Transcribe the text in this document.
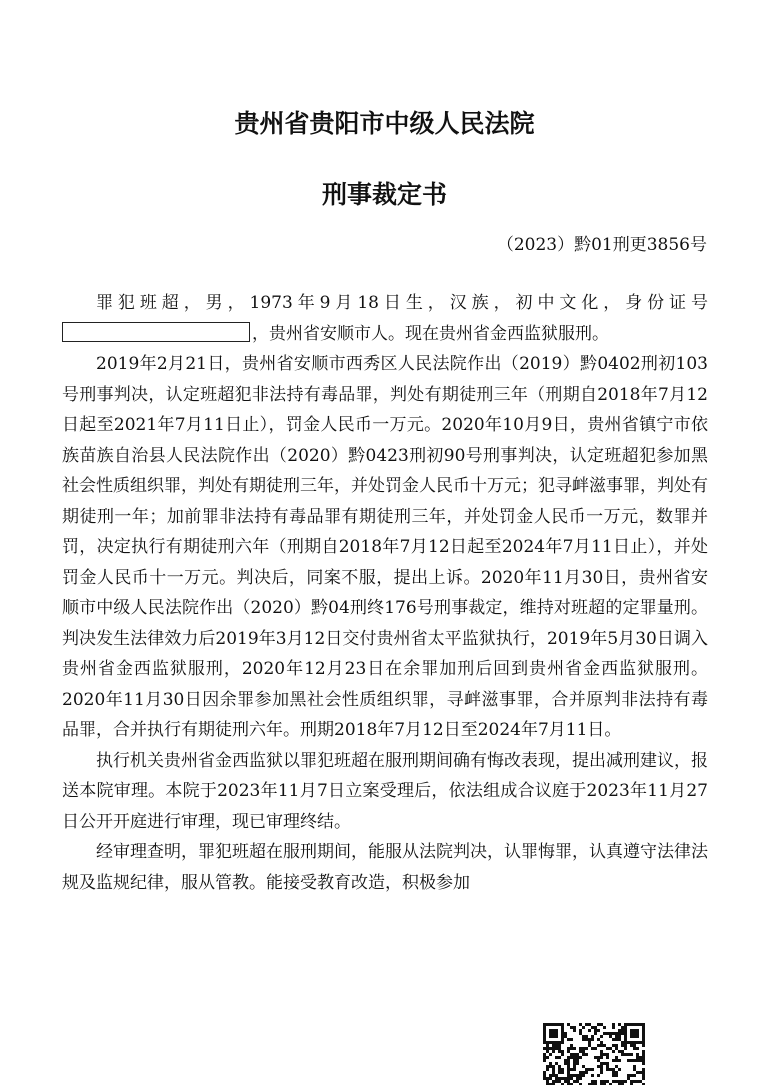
贵州省贵阳市中级人民法院
刑事裁定书
（2023）黔01刑更3856号

罪犯班超，男，1973年9月18日生，汉族，初中文化，身份证号，贵州省安顺市人。现在贵州省金西监狱服刑。

2019年2月21日，贵州省安顺市西秀区人民法院作出（2019）黔0402刑初103号刑事判决，认定班超犯非法持有毒品罪，判处有期徒刑三年（刑期自2018年7月12日起至2021年7月11日止），罚金人民币一万元。2020年10月9日，贵州省镇宁市依族苗族自治县人民法院作出（2020）黔0423刑初90号刑事判决，认定班超犯参加黑社会性质组织罪，判处有期徒刑三年，并处罚金人民币十万元；犯寻衅滋事罪，判处有期徒刑一年；加前罪非法持有毒品罪有期徒刑三年，并处罚金人民币一万元，数罪并罚，决定执行有期徒刑六年（刑期自2018年7月12日起至2024年7月11日止），并处罚金人民币十一万元。判决后，同案不服，提出上诉。2020年11月30日，贵州省安顺市中级人民法院作出（2020）黔04刑终176号刑事裁定，维持对班超的定罪量刑。判决发生法律效力后2019年3月12日交付贵州省太平监狱执行，2019年5月30日调入贵州省金西监狱服刑，2020年12月23日在余罪加刑后回到贵州省金西监狱服刑。2020年11月30日因余罪参加黑社会性质组织罪，寻衅滋事罪，合并原判非法持有毒品罪，合并执行有期徒刑六年。刑期2018年7月12日至2024年7月11日。

执行机关贵州省金西监狱以罪犯班超在服刑期间确有悔改表现，提出减刑建议，报送本院审理。本院于2023年11月7日立案受理后，依法组成合议庭于2023年11月27日公开开庭进行审理，现已审理终结。

经审理查明，罪犯班超在服刑期间，能服从法院判决，认罪悔罪，认真遵守法律法规及监规纪律，服从管教。能接受教育改造，积极参加
